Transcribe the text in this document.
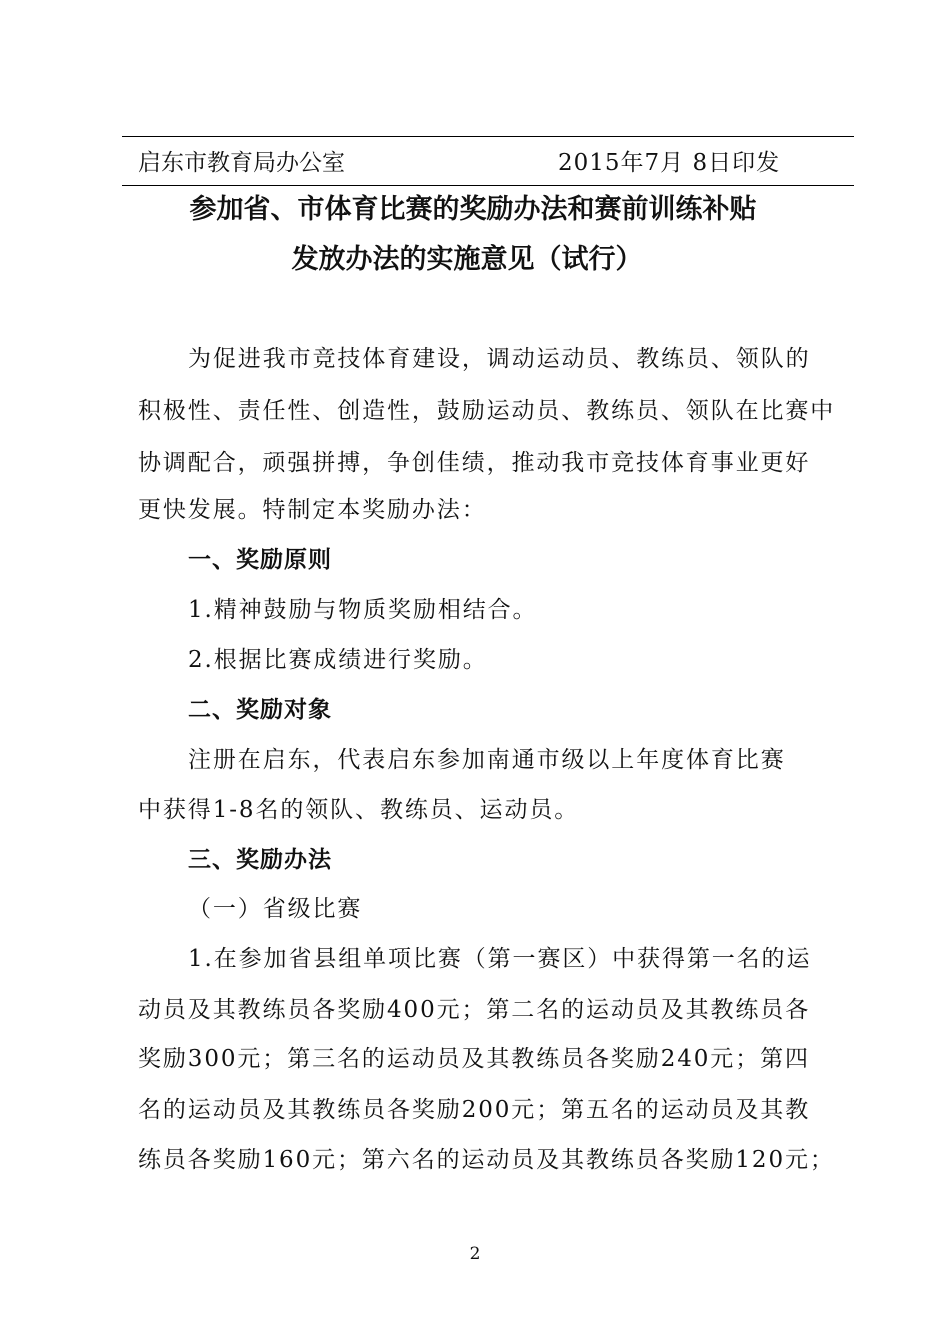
启东市教育局办公室	2015年7月 8日印发
参加省、市体育比赛的奖励办法和赛前训练补贴
发放办法的实施意见（试行）
为促进我市竞技体育建设，调动运动员、教练员、领队的
积极性、责任性、创造性，鼓励运动员、教练员、领队在比赛中
协调配合，顽强拼搏，争创佳绩，推动我市竞技体育事业更好
更快发展。特制定本奖励办法：
一、奖励原则
1.精神鼓励与物质奖励相结合。
2.根据比赛成绩进行奖励。
二、奖励对象
注册在启东，代表启东参加南通市级以上年度体育比赛
中获得1-8名的领队、教练员、运动员。
三、奖励办法
（一）省级比赛
1.在参加省县组单项比赛（第一赛区）中获得第一名的运
动员及其教练员各奖励400元；第二名的运动员及其教练员各
奖励300元；第三名的运动员及其教练员各奖励240元；第四
名的运动员及其教练员各奖励200元；第五名的运动员及其教
练员各奖励160元；第六名的运动员及其教练员各奖励120元；
2
